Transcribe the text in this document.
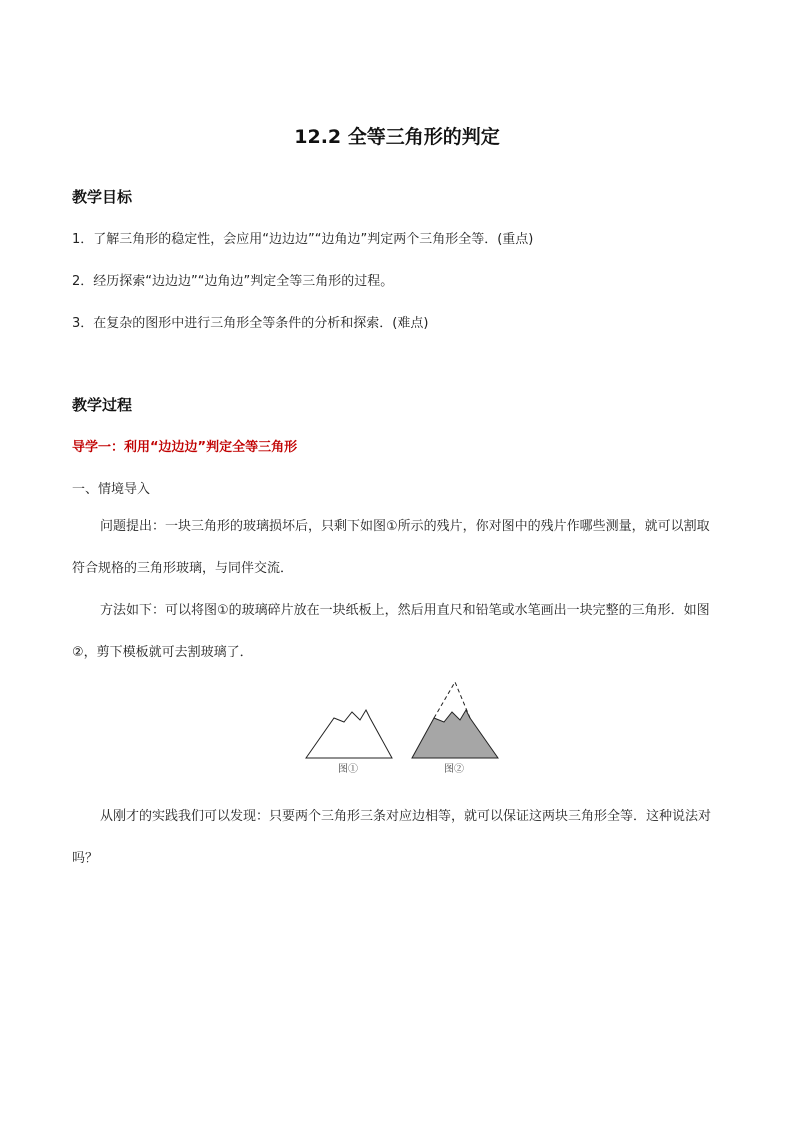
12.2 全等三角形的判定
教学目标
1．了解三角形的稳定性，会应用“边边边”“边角边”判定两个三角形全等．(重点)
2．经历探索“边边边”“边角边”判定全等三角形的过程。
3．在复杂的图形中进行三角形全等条件的分析和探索．(难点)
教学过程
导学一：利用“边边边”判定全等三角形
一、情境导入
问题提出：一块三角形的玻璃损坏后，只剩下如图①所示的残片，你对图中的残片作哪些测量，就可以割取符合规格的三角形玻璃，与同伴交流．
方法如下：可以将图①的玻璃碎片放在一块纸板上，然后用直尺和铅笔或水笔画出一块完整的三角形．如图②，剪下模板就可去割玻璃了．
图①	图②
从刚才的实践我们可以发现：只要两个三角形三条对应边相等，就可以保证这两块三角形全等．这种说法对吗？
